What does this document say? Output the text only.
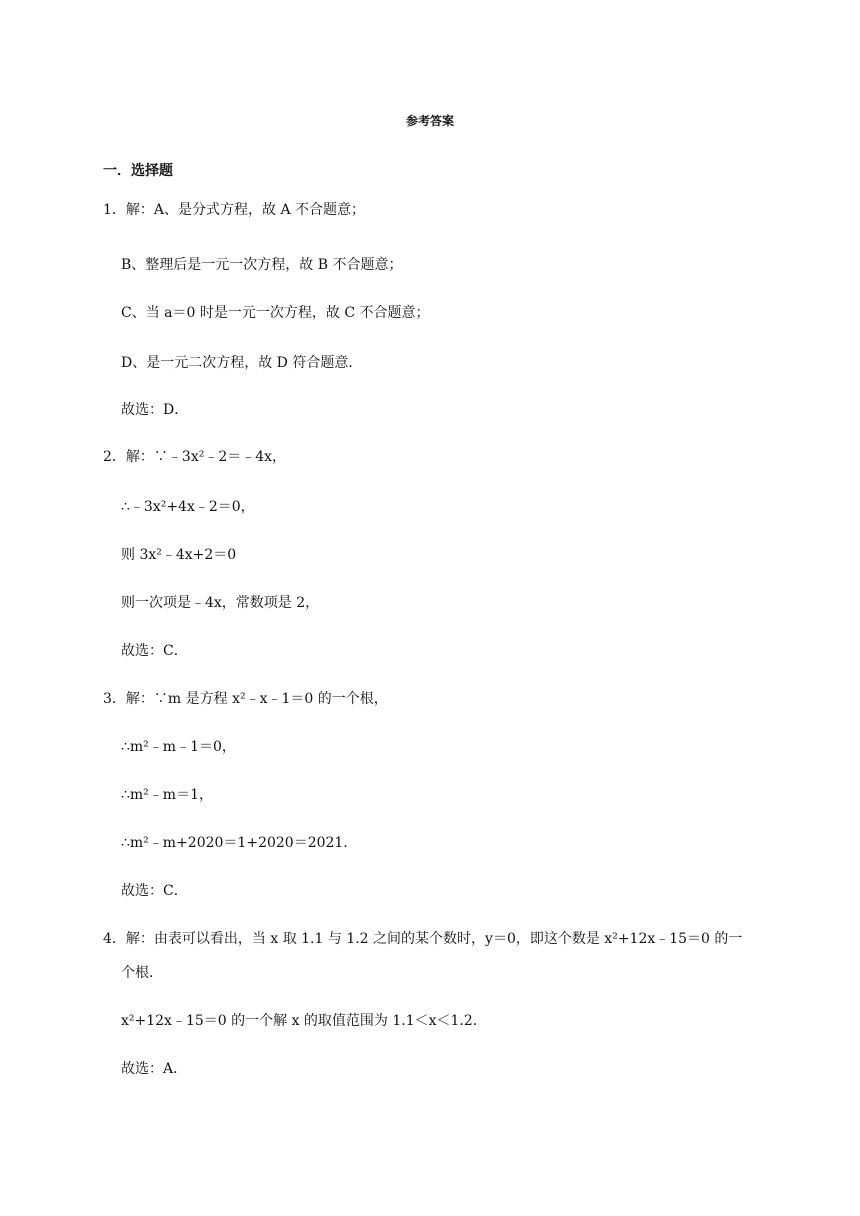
参考答案
一．选择题
1．解：A、是分式方程，故 A 不合题意；
B、整理后是一元一次方程，故 B 不合题意；
C、当 a＝0 时是一元一次方程，故 C 不合题意；
D、是一元二次方程，故 D 符合题意．
故选：D．
2．解：∵﹣3x²﹣2＝﹣4x，
∴﹣3x²+4x﹣2＝0，
则 3x²﹣4x+2＝0
则一次项是﹣4x，常数项是 2，
故选：C．
3．解：∵m 是方程 x²﹣x﹣1＝0 的一个根，
∴m²﹣m﹣1＝0，
∴m²﹣m＝1，
∴m²﹣m+2020＝1+2020＝2021．
故选：C．
4．解：由表可以看出，当 x 取 1.1 与 1.2 之间的某个数时，y＝0，即这个数是 x²+12x﹣15＝0 的一
个根．
x²+12x﹣15＝0 的一个解 x 的取值范围为 1.1＜x＜1.2．
故选：A．
